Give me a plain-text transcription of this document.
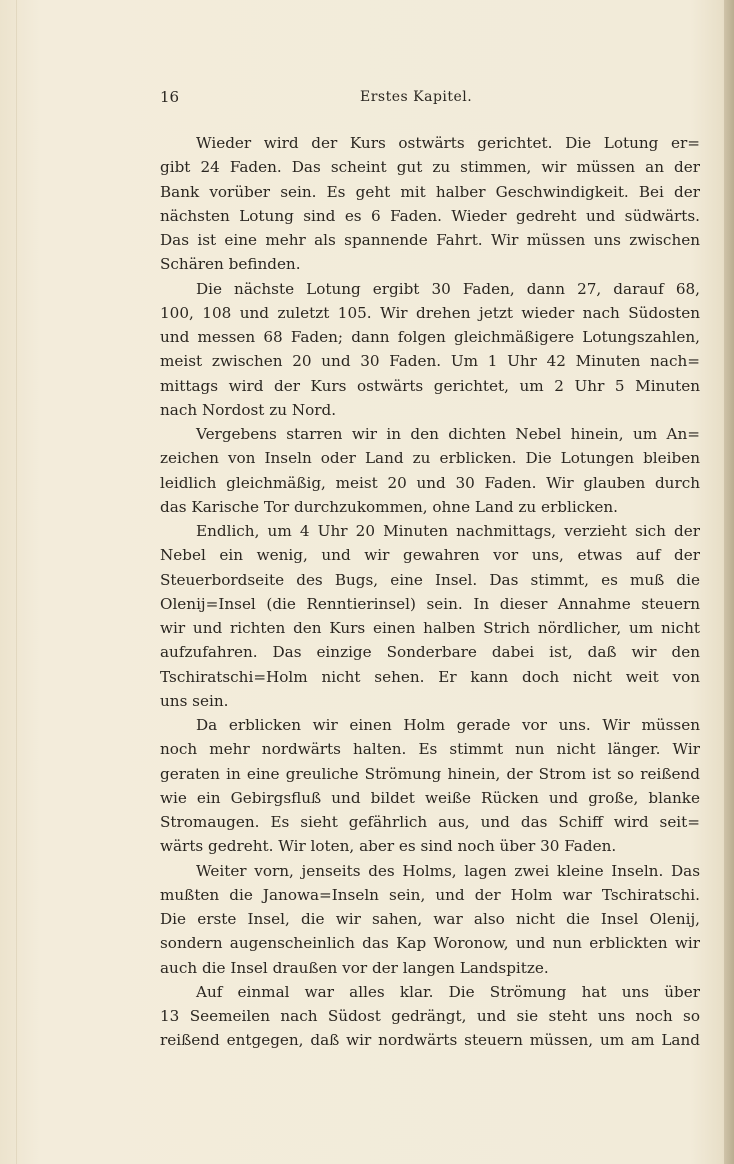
16	Erstes Kapitel.
Wieder wird der Kurs ostwärts gerichtet. Die Lotung er=
gibt 24 Faden. Das scheint gut zu stimmen, wir müssen an der
Bank vorüber sein. Es geht mit halber Geschwindigkeit. Bei der
nächsten Lotung sind es 6 Faden. Wieder gedreht und südwärts.
Das ist eine mehr als spannende Fahrt. Wir müssen uns zwischen
Schären befinden.
Die nächste Lotung ergibt 30 Faden, dann 27, darauf 68,
100, 108 und zuletzt 105. Wir drehen jetzt wieder nach Südosten
und messen 68 Faden; dann folgen gleichmäßigere Lotungszahlen,
meist zwischen 20 und 30 Faden. Um 1 Uhr 42 Minuten nach=
mittags wird der Kurs ostwärts gerichtet, um 2 Uhr 5 Minuten
nach Nordost zu Nord.
Vergebens starren wir in den dichten Nebel hinein, um An=
zeichen von Inseln oder Land zu erblicken. Die Lotungen bleiben
leidlich gleichmäßig, meist 20 und 30 Faden. Wir glauben durch
das Karische Tor durchzukommen, ohne Land zu erblicken.
Endlich, um 4 Uhr 20 Minuten nachmittags, verzieht sich der
Nebel ein wenig, und wir gewahren vor uns, etwas auf der
Steuerbordseite des Bugs, eine Insel. Das stimmt, es muß die
Olenij=Insel (die Renntierinsel) sein. In dieser Annahme steuern
wir und richten den Kurs einen halben Strich nördlicher, um nicht
aufzufahren. Das einzige Sonderbare dabei ist, daß wir den
Tschiratschi=Holm nicht sehen. Er kann doch nicht weit von
uns sein.
Da erblicken wir einen Holm gerade vor uns. Wir müssen
noch mehr nordwärts halten. Es stimmt nun nicht länger. Wir
geraten in eine greuliche Strömung hinein, der Strom ist so reißend
wie ein Gebirgsfluß und bildet weiße Rücken und große, blanke
Stromaugen. Es sieht gefährlich aus, und das Schiff wird seit=
wärts gedreht. Wir loten, aber es sind noch über 30 Faden.
Weiter vorn, jenseits des Holms, lagen zwei kleine Inseln. Das
mußten die Janowa=Inseln sein, und der Holm war Tschiratschi.
Die erste Insel, die wir sahen, war also nicht die Insel Olenij,
sondern augenscheinlich das Kap Woronow, und nun erblickten wir
auch die Insel draußen vor der langen Landspitze.
Auf einmal war alles klar. Die Strömung hat uns über
13 Seemeilen nach Südost gedrängt, und sie steht uns noch so
reißend entgegen, daß wir nordwärts steuern müssen, um am Land
